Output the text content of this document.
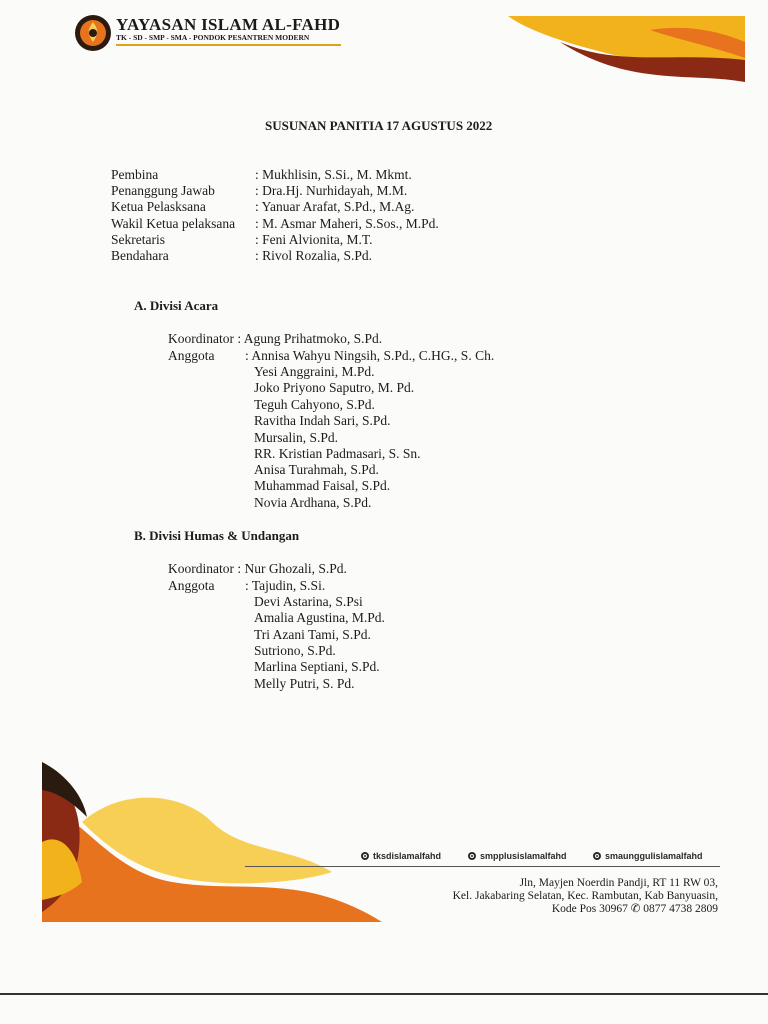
YAYASAN ISLAM AL-FAHD
TK - SD - SMP - SMA - PONDOK PESANTREN MODERN
SUSUNAN PANITIA 17 AGUSTUS 2022
Pembina	: Mukhlisin, S.Si., M. Mkmt.
Penanggung Jawab	: Dra.Hj. Nurhidayah, M.M.
Ketua Pelasksana	: Yanuar Arafat, S.Pd., M.Ag.
Wakil Ketua pelaksana : M. Asmar Maheri, S.Sos., M.Pd.
Sekretaris	: Feni Alvionita, M.T.
Bendahara	: Rivol Rozalia, S.Pd.
A. Divisi Acara
Koordinator : Agung Prihatmoko, S.Pd.
Anggota : Annisa Wahyu Ningsih, S.Pd., C.HG., S. Ch.
Yesi Anggraini, M.Pd.
Joko Priyono Saputro, M. Pd.
Teguh Cahyono, S.Pd.
Ravitha Indah Sari, S.Pd.
Mursalin, S.Pd.
RR. Kristian Padmasari, S. Sn.
Anisa Turahmah, S.Pd.
Muhammad Faisal, S.Pd.
Novia Ardhana, S.Pd.
B. Divisi Humas & Undangan
Koordinator : Nur Ghozali, S.Pd.
Anggota : Tajudin, S.Si.
Devi Astarina, S.Psi
Amalia Agustina, M.Pd.
Tri Azani Tami, S.Pd.
Sutriono, S.Pd.
Marlina Septiani, S.Pd.
Melly Putri, S. Pd.
tksdislamalfahd	smpplusislamalfahd	smaunggulislamalfahd
Jln, Mayjen Noerdin Pandji, RT 11 RW 03,
Kel. Jakabaring Selatan, Kec. Rambutan, Kab Banyuasin,
Kode Pos 30967 ✆ 0877 4738 2809
